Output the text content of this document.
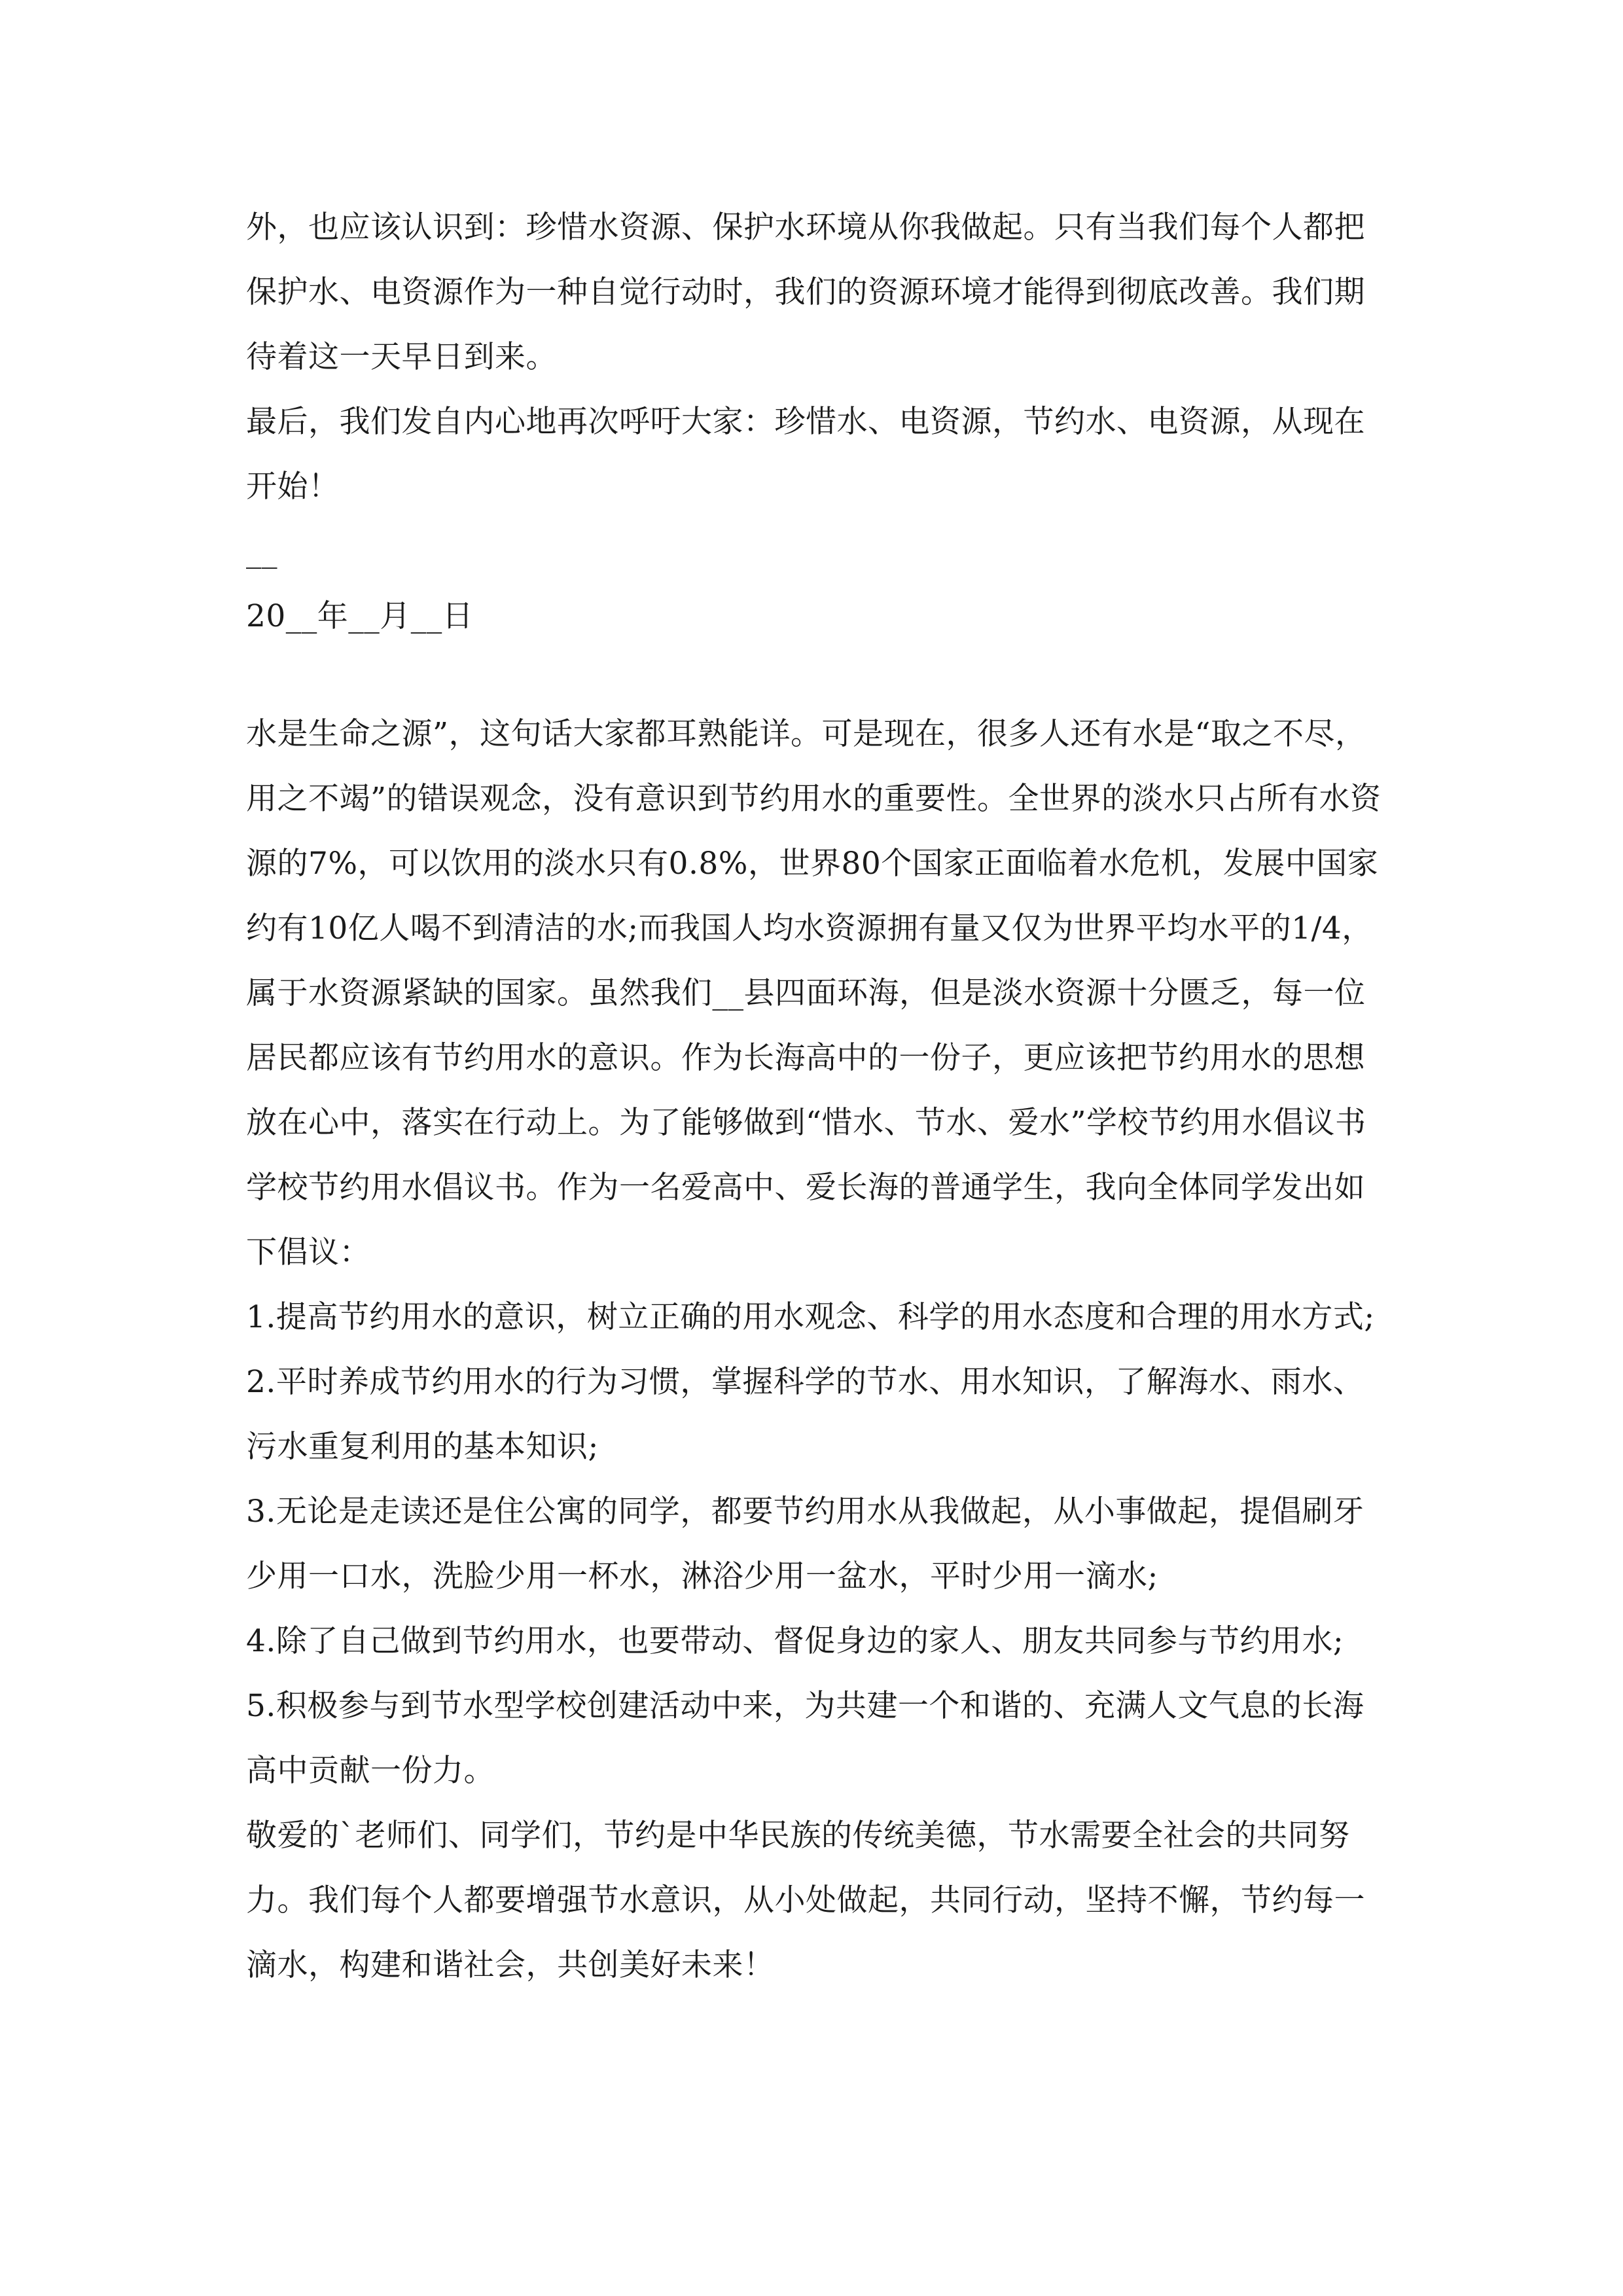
外，也应该认识到：珍惜水资源、保护水环境从你我做起。只有当我们每个人都把保护水、电资源作为一种自觉行动时，我们的资源环境才能得到彻底改善。我们期待着这一天早日到来。

最后，我们发自内心地再次呼吁大家：珍惜水、电资源，节约水、电资源，从现在开始！

__
20__年__月__日

水是生命之源”，这句话大家都耳熟能详。可是现在，很多人还有水是“取之不尽，用之不竭”的错误观念，没有意识到节约用水的重要性。全世界的淡水只占所有水资源的7%，可以饮用的淡水只有0.8%，世界80个国家正面临着水危机，发展中国家约有10亿人喝不到清洁的水;而我国人均水资源拥有量又仅为世界平均水平的1/4，属于水资源紧缺的国家。虽然我们__县四面环海，但是淡水资源十分匮乏，每一位居民都应该有节约用水的意识。作为长海高中的一份子，更应该把节约用水的思想放在心中，落实在行动上。为了能够做到“惜水、节水、爱水”学校节约用水倡议书学校节约用水倡议书。作为一名爱高中、爱长海的普通学生，我向全体同学发出如下倡议：

1.提高节约用水的意识，树立正确的用水观念、科学的用水态度和合理的用水方式;

2.平时养成节约用水的行为习惯，掌握科学的节水、用水知识，了解海水、雨水、污水重复利用的基本知识;

3.无论是走读还是住公寓的同学，都要节约用水从我做起，从小事做起，提倡刷牙少用一口水，洗脸少用一杯水，淋浴少用一盆水，平时少用一滴水;

4.除了自己做到节约用水，也要带动、督促身边的家人、朋友共同参与节约用水;

5.积极参与到节水型学校创建活动中来，为共建一个和谐的、充满人文气息的长海高中贡献一份力。

敬爱的`老师们、同学们，节约是中华民族的传统美德，节水需要全社会的共同努力。我们每个人都要增强节水意识，从小处做起，共同行动，坚持不懈，节约每一滴水，构建和谐社会，共创美好未来！
